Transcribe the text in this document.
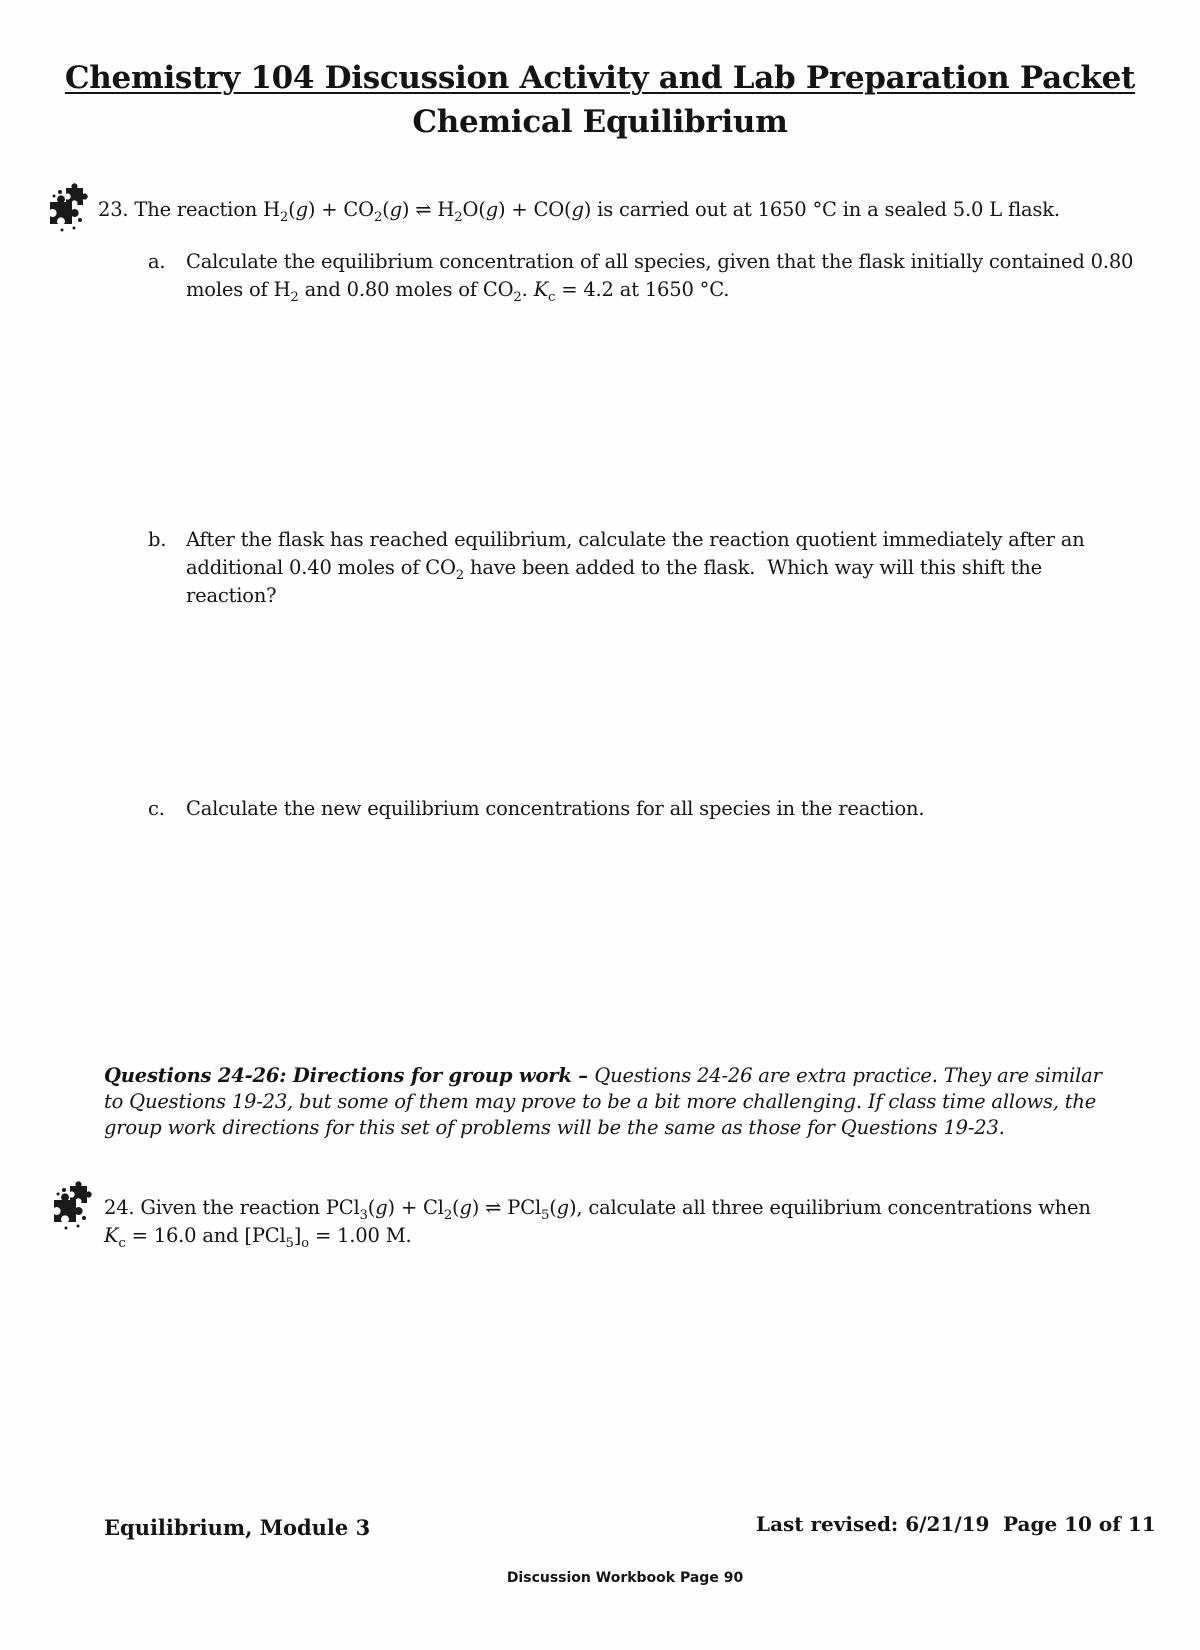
Chemistry 104 Discussion Activity and Lab Preparation Packet
Chemical Equilibrium
23. The reaction $H_2(g) + CO_2(g)$ ⇌ $H_2O(g) + CO(g)$ is carried out at 1650 °C in a sealed 5.0 L flask.
a.	Calculate the equilibrium concentration of all species, given that the flask initially contained 0.80 moles of $H_2$ and 0.80 moles of $CO_2$. $K_c = 4.2$ at 1650 °C.
b.	After the flask has reached equilibrium, calculate the reaction quotient immediately after an additional 0.40 moles of $CO_2$ have been added to the flask.  Which way will this shift the reaction?
c.	Calculate the new equilibrium concentrations for all species in the reaction.
Questions 24-26: Directions for group work – Questions 24-26 are extra practice. They are similar to Questions 19-23, but some of them may prove to be a bit more challenging. If class time allows, the group work directions for this set of problems will be the same as those for Questions 19-23.
24. Given the reaction $PCl_3(g) + Cl_2(g)$ ⇌ PCl$_5$(g), calculate all three equilibrium concentrations when
$K_c = 16.0$ and $[PCl_5]_o = 1.00$ M.
Equilibrium, Module 3	Last revised: 6/21/19 Page 10 of 11
Discussion Workbook Page 90
